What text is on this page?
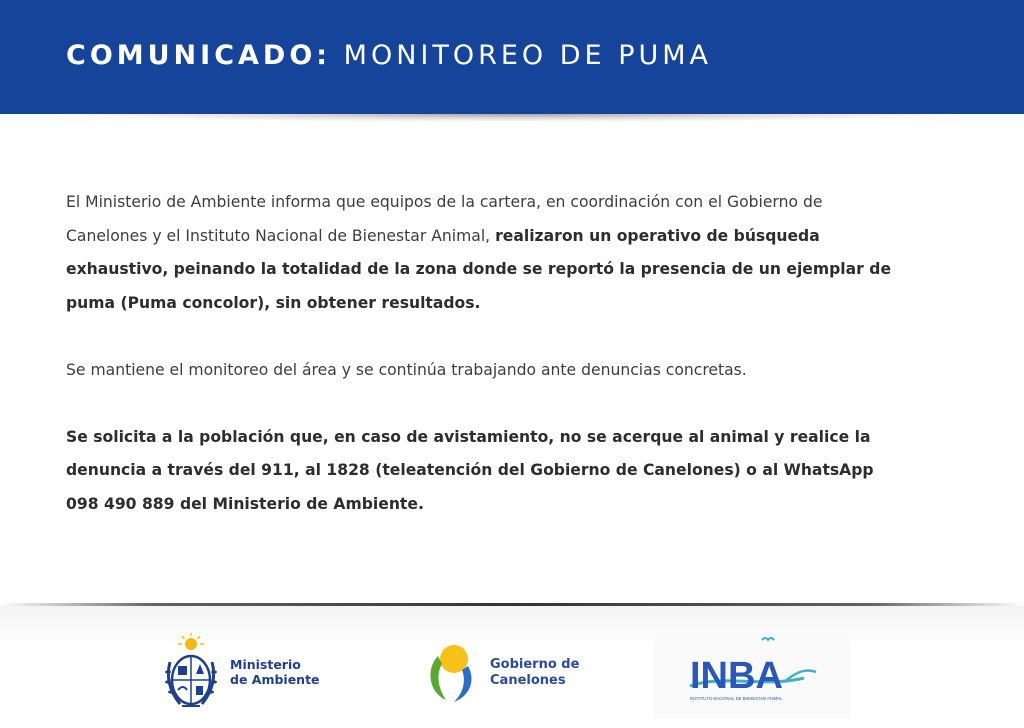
COMUNICADO: MONITOREO DE PUMA

El Ministerio de Ambiente informa que equipos de la cartera, en coordinación con el Gobierno de Canelones y el Instituto Nacional de Bienestar Animal, realizaron un operativo de búsqueda exhaustivo, peinando la totalidad de la zona donde se reportó la presencia de un ejemplar de puma (Puma concolor), sin obtener resultados.

Se mantiene el monitoreo del área y se continúa trabajando ante denuncias concretas.

Se solicita a la población que, en caso de avistamiento, no se acerque al animal y realice la denuncia a través del 911, al 1828 (teleatención del Gobierno de Canelones) o al WhatsApp 098 490 889 del Ministerio de Ambiente.

Ministerio
de Ambiente
Gobierno de
Canelones	INBA
INSTITUTO NACIONAL DE BIENESTAR ANIMAL
